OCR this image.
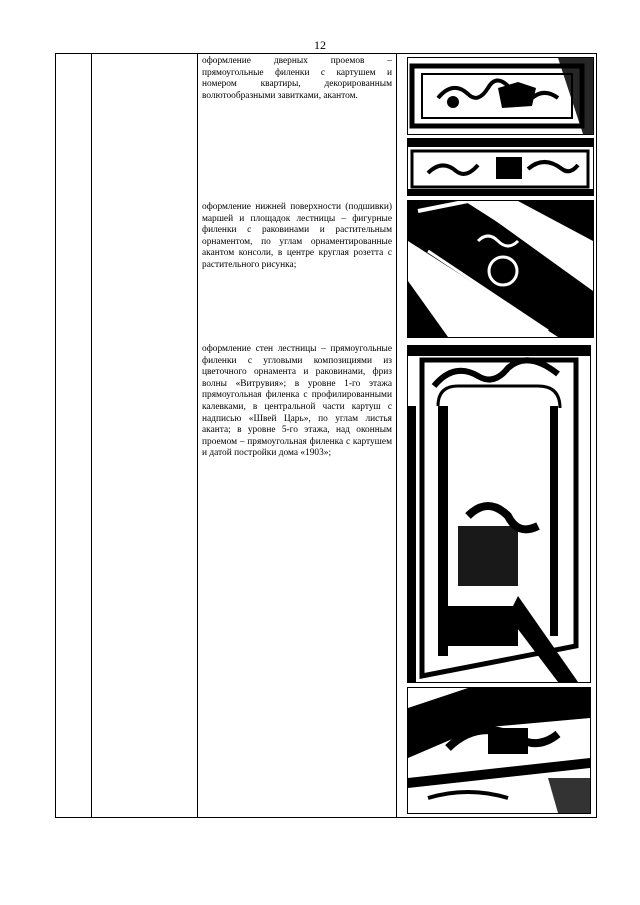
12
оформление дверных проемов – прямоугольные филенки с картушем и номером квартиры, декорированным волютообразными завитками, акантом.
оформление нижней поверхности (подшивки) маршей и площадок лестницы – фигурные филенки с раковинами и растительным орнаментом, по углам орнаментированные акантом консоли, в центре круглая розетта с растительного рисунка;
оформление стен лестницы – прямоугольные филенки с угловыми композициями из цветочного орнамента и раковинами, фриз волны «Витрувия»; в уровне 1-го этажа прямоугольная филенка с профилированными калевками, в центральной части картуш с надписью «Швей Царь», по углам листья аканта; в уровне 5-го этажа, над оконным проемом – прямоугольная филенка с картушем и датой постройки дома «1903»;
